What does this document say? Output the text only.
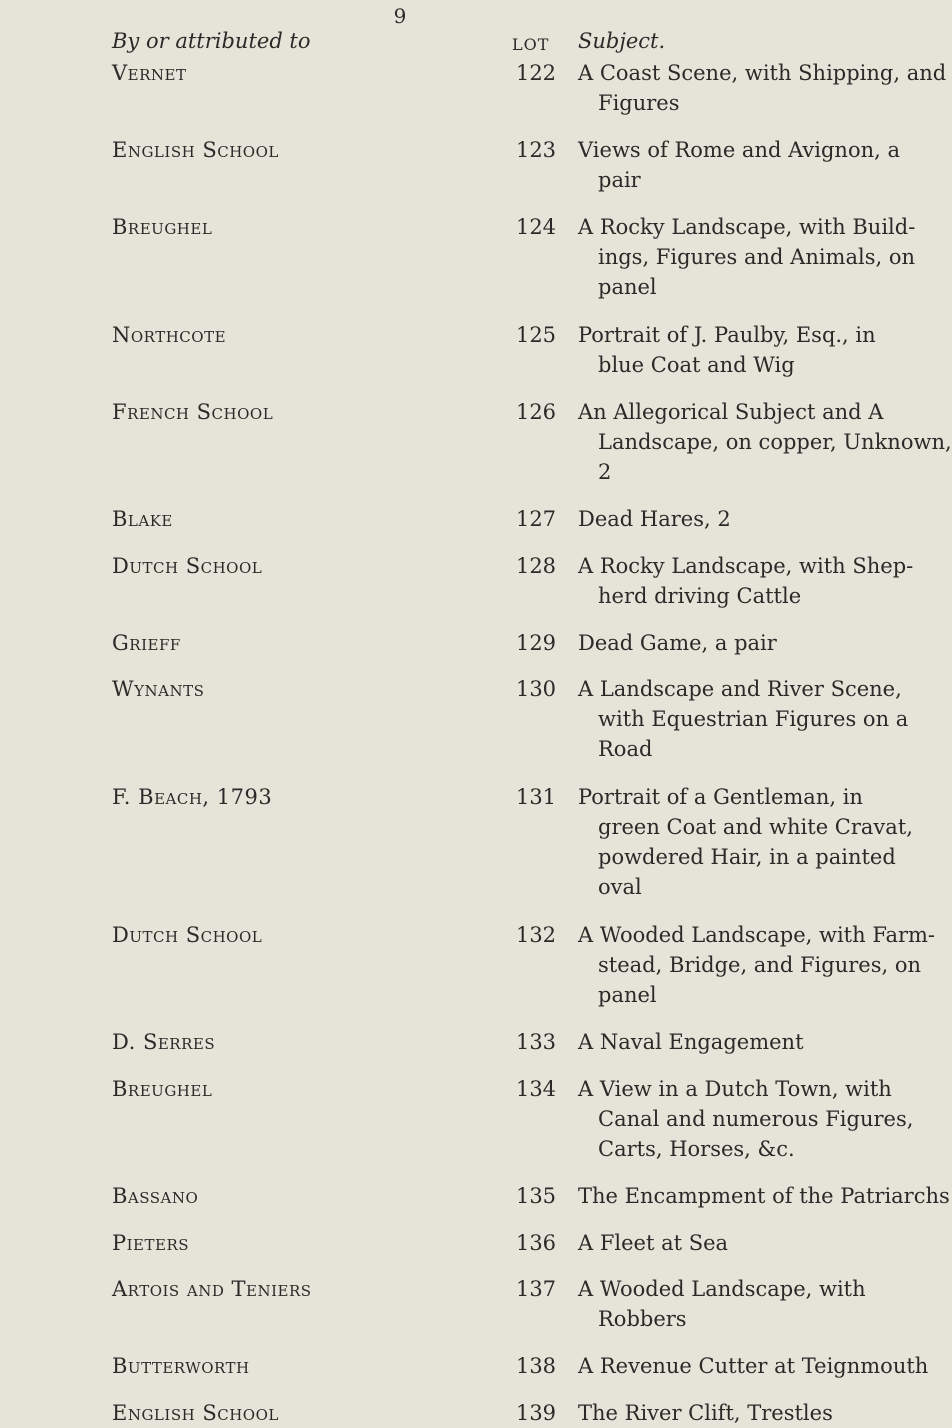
9
By or attributed to	LOT Subject.
Vernet	122 A Coast Scene, with Shipping, and
Figures
English School	123 Views of Rome and Avignon, a
pair
Breughel	124 A Rocky Landscape, with Build-
ings, Figures and Animals, on
panel
Northcote	125 Portrait of J. Paulby, Esq., in
blue Coat and Wig
French School	126 An Allegorical Subject and A
Landscape, on copper, Unknown,
2
Blake	127 Dead Hares, 2
Dutch School	128 A Rocky Landscape, with Shep-
herd driving Cattle
Grieff	129 Dead Game, a pair
Wynants	130 A Landscape and River Scene,
with Equestrian Figures on a
Road
F. Beach, 1793	131 Portrait of a Gentleman, in
green Coat and white Cravat,
powdered Hair, in a painted
oval
Dutch School	132 A Wooded Landscape, with Farm-
stead, Bridge, and Figures, on
panel
D. Serres	133 A Naval Engagement
Breughel	134 A View in a Dutch Town, with
Canal and numerous Figures,
Carts, Horses, &c.
Bassano	135 The Encampment of the Patriarchs
Pieters	136 A Fleet at Sea
Artois and Teniers	137 A Wooded Landscape, with
Robbers
Butterworth	138 A Revenue Cutter at Teignmouth
English School	139 The River Clift, Trestles
